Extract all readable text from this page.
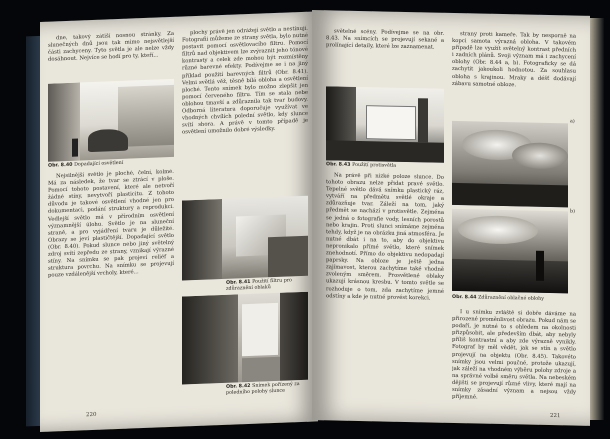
dne, takový zátiší nosnou stránky. Za slunečných dnů jsou tak mimo nejsvětlejší části zachyceny. Tyto světla je ale nelze vždy dosáhnout. Nejvíce se hodí pro ty, kteří...

Obr. 8.40 Dopadající osvětlení

Nejsilnější světlo je ploché, čelní, kolmé. Má za následek, že tvar se ztrácí v ploše. Pomocí tohoto postavení, které ale netvoří žádné stíny, nevytvoří plasticitu. Z tohoto důvodu je takové osvětlení vhodné jen pro dokumentaci, podání struktury a reprodukci. Vedlejší světlo má v přírodním osvětlení významnější úlohu. Světlo je na sluneční straně, a pro vyjádření tvaru je důležité. Obrazy se jeví plastičtější. Dopadající světlo (Obr. 8.40). Pokud slunce nebo jiný světelný zdroj svítí zepředu ze strany, vznikají výrazné stíny. Na snímku se pak projeví reliéf a struktura povrchu. Na snímku se projevují pouze vzdálenější vrcholy, které...

plochy právě jen odrážejí světlo a nestínují. Fotografii můžeme ze strany světla, bylo nutné postavit pomocí osvětlovacího filtru. Pomocí filtrů nad objektivem lze zvýraznit jeho tónové kontrasty a celek zde mohou být rozmístěny různé barevné efekty. Podívejme se i na jiný příklad použití barevných filtrů (Obr. 8.41). Velmi světlá věž, těsně bílá obloha a osvětlení ploché. Tento snímek bylo možno zlepšit jen pomocí červeného filtru. Tím se stala nebe oblohou tmavší a zdůraznila tak tvar budovy. Odborná literatura doporučuje využívat ve vhodných chvílích polední světlo, kdy slunce svítí shora. A právě v tomto případě je osvětlení umožnilo dobré výsledky.

Obr. 8.41 Použití filtru pro zdůraznění oblaků
Obr. 8.42 Snímek pořízený za poledního polohy slunce
220

světelné scény. Podívejme se na obr. 8.43. Na snímcích se projevují sekané a prolínající detaily, které lze zaznamenat.

Obr. 8.43 Použití protisvětla

Na právě při nízké poloze slunce. Do tohoto obrazu nelze přidat pravé světlo. Tepelné světlo dává snímku plastický ráz, vytváří na předmětu světlé okraje a zdůrazňuje tvar. Záleží na tom, jaký předmět se nachází v protisvětle. Zejména se jedná o fotografie vody, lesních porostů nebo krajin. Proti slunci snímáme zejména tehdy, když je na obrázku jiná atmosféra. Je nutné dbát i na to, aby do objektivu nepronikalo přímé světlo, které snímek znehodnotí. Přímo do objektivu nedopadají paprsky. Na obloze je ještě jedna zajímavost, kterou zachytíme také vhodně zvoleným směrem. Prosvětlené oblaky ukazují krásnou kresbu. V tomto světle se rozhoduje o tom, zda zachytíme jemné odstíny a kde je nutné provést korekci.

strany proti kameře. Tak by nesporně na kopci samota výrazná obloha. V takovém případě lze využít světelný kontrast předních i zadních plánů. Svoji význam má i zachycení oblohy (Obr. 8.44 a, b). Fotograficky se dá zachytit jakoukoli hodnotou. Za souhlasu obloha s krajinou. Mraky a déšť dodávají zábavu samotné obloze.

a)
b)
Obr. 8.44 Zdůraznění oblačné oblohy

I u snímku zvláště si dobře dáváme na přirozené proměnlivost obrazu. Pokud nám se podaří, je nutné to s ohledem na okolnosti přizpůsobit, ale především dbát, aby nebyly příliš kontrastní a aby zde výrazně vynikly. Fotograf by měl vědět, jak se stín a světlo projevují na objektu (Obr. 8.45). Takovéto snímky jsou velmi poučné, protože ukazují, jak záleží na vhodném výběru polohy zdroje a na správné volbě směru světla. Na nebeském dějišti se projevují různé vlivy, které mají na snímky zásadní význam a nejsou vždy příjemné.

221
